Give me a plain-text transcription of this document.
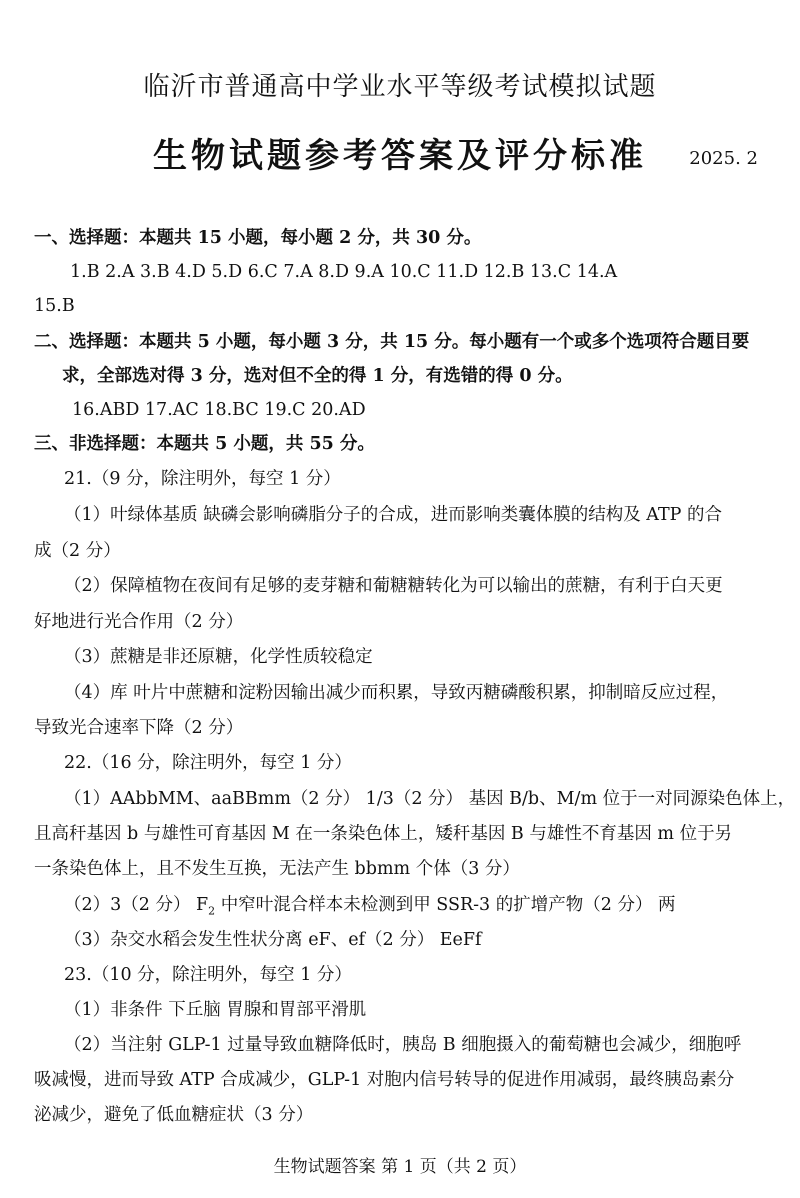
临沂市普通高中学业水平等级考试模拟试题
生物试题参考答案及评分标准	2025. 2
一、选择题：本题共 15 小题，每小题 2 分，共 30 分。
1.B 2.A 3.B 4.D 5.D 6.C 7.A 8.D 9.A 10.C 11.D 12.B 13.C 14.A
15.B
二、选择题：本题共 5 小题，每小题 3 分，共 15 分。每小题有一个或多个选项符合题目要
求，全部选对得 3 分，选对但不全的得 1 分，有选错的得 0 分。
16.ABD 17.AC 18.BC 19.C 20.AD
三、非选择题：本题共 5 小题，共 55 分。
21.（9 分，除注明外，每空 1 分）
（1）叶绿体基质 缺磷会影响磷脂分子的合成，进而影响类囊体膜的结构及 ATP 的合
成（2 分）
（2）保障植物在夜间有足够的麦芽糖和葡糖糖转化为可以输出的蔗糖，有利于白天更
好地进行光合作用（2 分）
（3）蔗糖是非还原糖，化学性质较稳定
（4）库 叶片中蔗糖和淀粉因输出减少而积累，导致丙糖磷酸积累，抑制暗反应过程，
导致光合速率下降（2 分）
22.（16 分，除注明外，每空 1 分）
（1）AAbbMM、aaBBmm（2 分） 1/3（2 分） 基因 B/b、M/m 位于一对同源染色体上，
且高秆基因 b 与雄性可育基因 M 在一条染色体上，矮秆基因 B 与雄性不育基因 m 位于另
一条染色体上，且不发生互换，无法产生 bbmm 个体（3 分）
（2）3（2 分） $F_2$ 中窄叶混合样本未检测到甲 SSR-3 的扩增产物（2 分） 两
（3）杂交水稻会发生性状分离 eF、ef（2 分） EeFf
23.（10 分，除注明外，每空 1 分）
（1）非条件 下丘脑 胃腺和胃部平滑肌
（2）当注射 GLP-1 过量导致血糖降低时，胰岛 B 细胞摄入的葡萄糖也会减少，细胞呼
吸减慢，进而导致 ATP 合成减少，GLP-1 对胞内信号转导的促进作用减弱，最终胰岛素分
泌减少，避免了低血糖症状（3 分）
生物试题答案 第 1 页（共 2 页）
